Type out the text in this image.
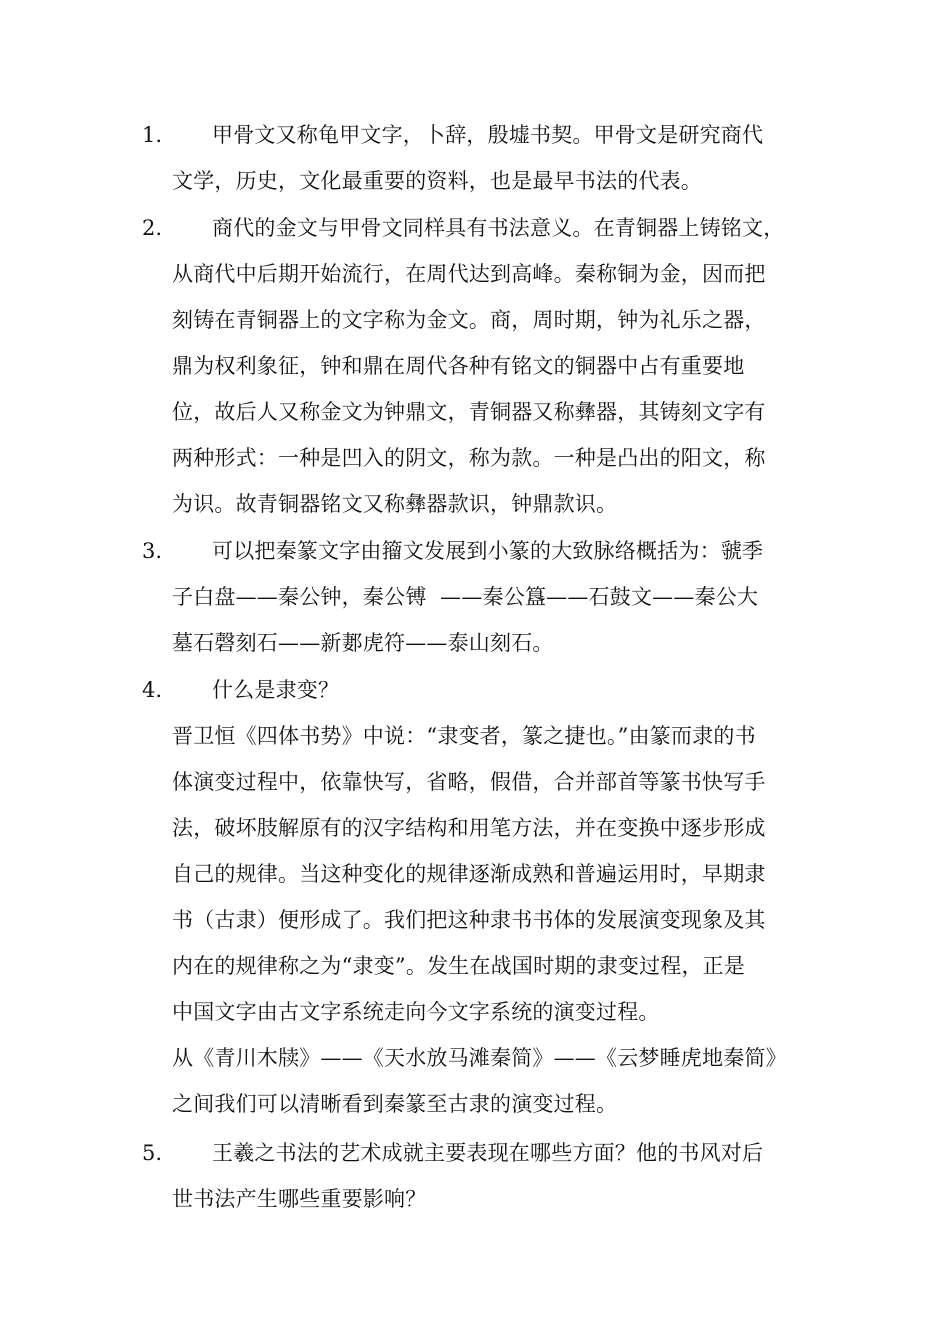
1. 甲骨文又称龟甲文字，卜辞，殷墟书契。甲骨文是研究商代
文学，历史，文化最重要的资料，也是最早书法的代表。
2. 商代的金文与甲骨文同样具有书法意义。在青铜器上铸铭文，
从商代中后期开始流行，在周代达到高峰。秦称铜为金，因而把
刻铸在青铜器上的文字称为金文。商，周时期，钟为礼乐之器，
鼎为权利象征，钟和鼎在周代各种有铭文的铜器中占有重要地
位，故后人又称金文为钟鼎文，青铜器又称彝器，其铸刻文字有
两种形式：一种是凹入的阴文，称为款。一种是凸出的阳文，称
为识。故青铜器铭文又称彝器款识，钟鼎款识。
3. 可以把秦篆文字由籀文发展到小篆的大致脉络概括为：虢季
子白盘——秦公钟，秦公镈  ——秦公簋——石鼓文——秦公大
墓石磬刻石——新郪虎符——泰山刻石。
4. 什么是隶变？
晋卫恒《四体书势》中说：“隶变者，篆之捷也。”由篆而隶的书
体演变过程中，依靠快写，省略，假借，合并部首等篆书快写手
法，破坏肢解原有的汉字结构和用笔方法，并在变换中逐步形成
自己的规律。当这种变化的规律逐渐成熟和普遍运用时，早期隶
书（古隶）便形成了。我们把这种隶书书体的发展演变现象及其
内在的规律称之为“隶变”。发生在战国时期的隶变过程，正是
中国文字由古文字系统走向今文字系统的演变过程。
从《青川木牍》——《天水放马滩秦简》——《云梦睡虎地秦简》
之间我们可以清晰看到秦篆至古隶的演变过程。
5. 王羲之书法的艺术成就主要表现在哪些方面？他的书风对后
世书法产生哪些重要影响？
